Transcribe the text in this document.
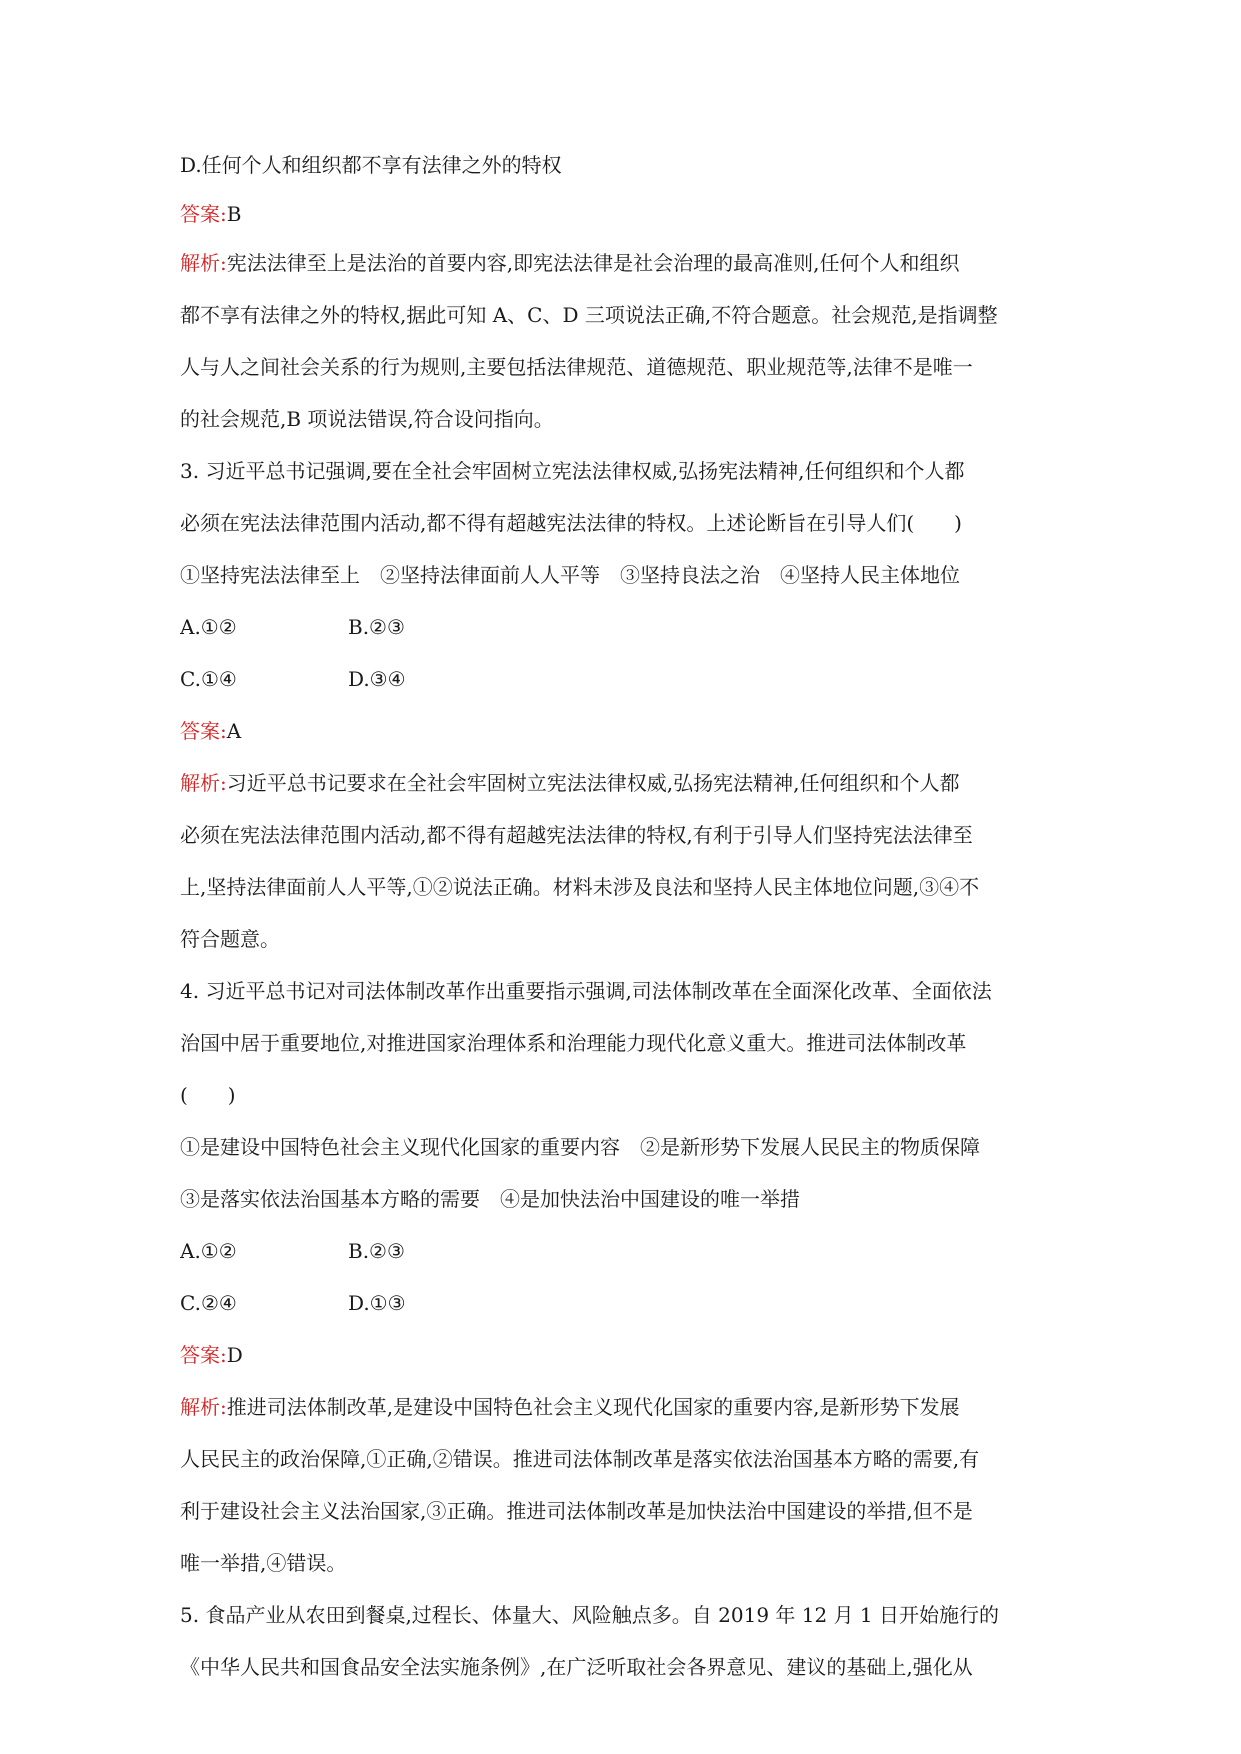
D.任何个人和组织都不享有法律之外的特权
答案:B
解析:宪法法律至上是法治的首要内容,即宪法法律是社会治理的最高准则,任何个人和组织
都不享有法律之外的特权,据此可知 A、C、D 三项说法正确,不符合题意。社会规范,是指调整
人与人之间社会关系的行为规则,主要包括法律规范、道德规范、职业规范等,法律不是唯一
的社会规范,B 项说法错误,符合设问指向。
3. 习近平总书记强调,要在全社会牢固树立宪法法律权威,弘扬宪法精神,任何组织和个人都
必须在宪法法律范围内活动,都不得有超越宪法法律的特权。上述论断旨在引导人们(　　)
①坚持宪法法律至上　②坚持法律面前人人平等　③坚持良法之治　④坚持人民主体地位
A.①②	B.②③
C.①④	D.③④
答案:A
解析:习近平总书记要求在全社会牢固树立宪法法律权威,弘扬宪法精神,任何组织和个人都
必须在宪法法律范围内活动,都不得有超越宪法法律的特权,有利于引导人们坚持宪法法律至
上,坚持法律面前人人平等,①②说法正确。材料未涉及良法和坚持人民主体地位问题,③④不
符合题意。
4. 习近平总书记对司法体制改革作出重要指示强调,司法体制改革在全面深化改革、全面依法
治国中居于重要地位,对推进国家治理体系和治理能力现代化意义重大。推进司法体制改革
(　　)
①是建设中国特色社会主义现代化国家的重要内容　②是新形势下发展人民民主的物质保障
③是落实依法治国基本方略的需要　④是加快法治中国建设的唯一举措
A.①②	B.②③
C.②④	D.①③
答案:D
解析:推进司法体制改革,是建设中国特色社会主义现代化国家的重要内容,是新形势下发展
人民民主的政治保障,①正确,②错误。推进司法体制改革是落实依法治国基本方略的需要,有
利于建设社会主义法治国家,③正确。推进司法体制改革是加快法治中国建设的举措,但不是
唯一举措,④错误。
5. 食品产业从农田到餐桌,过程长、体量大、风险触点多。自 2019 年 12 月 1 日开始施行的
《中华人民共和国食品安全法实施条例》,在广泛听取社会各界意见、建议的基础上,强化从
